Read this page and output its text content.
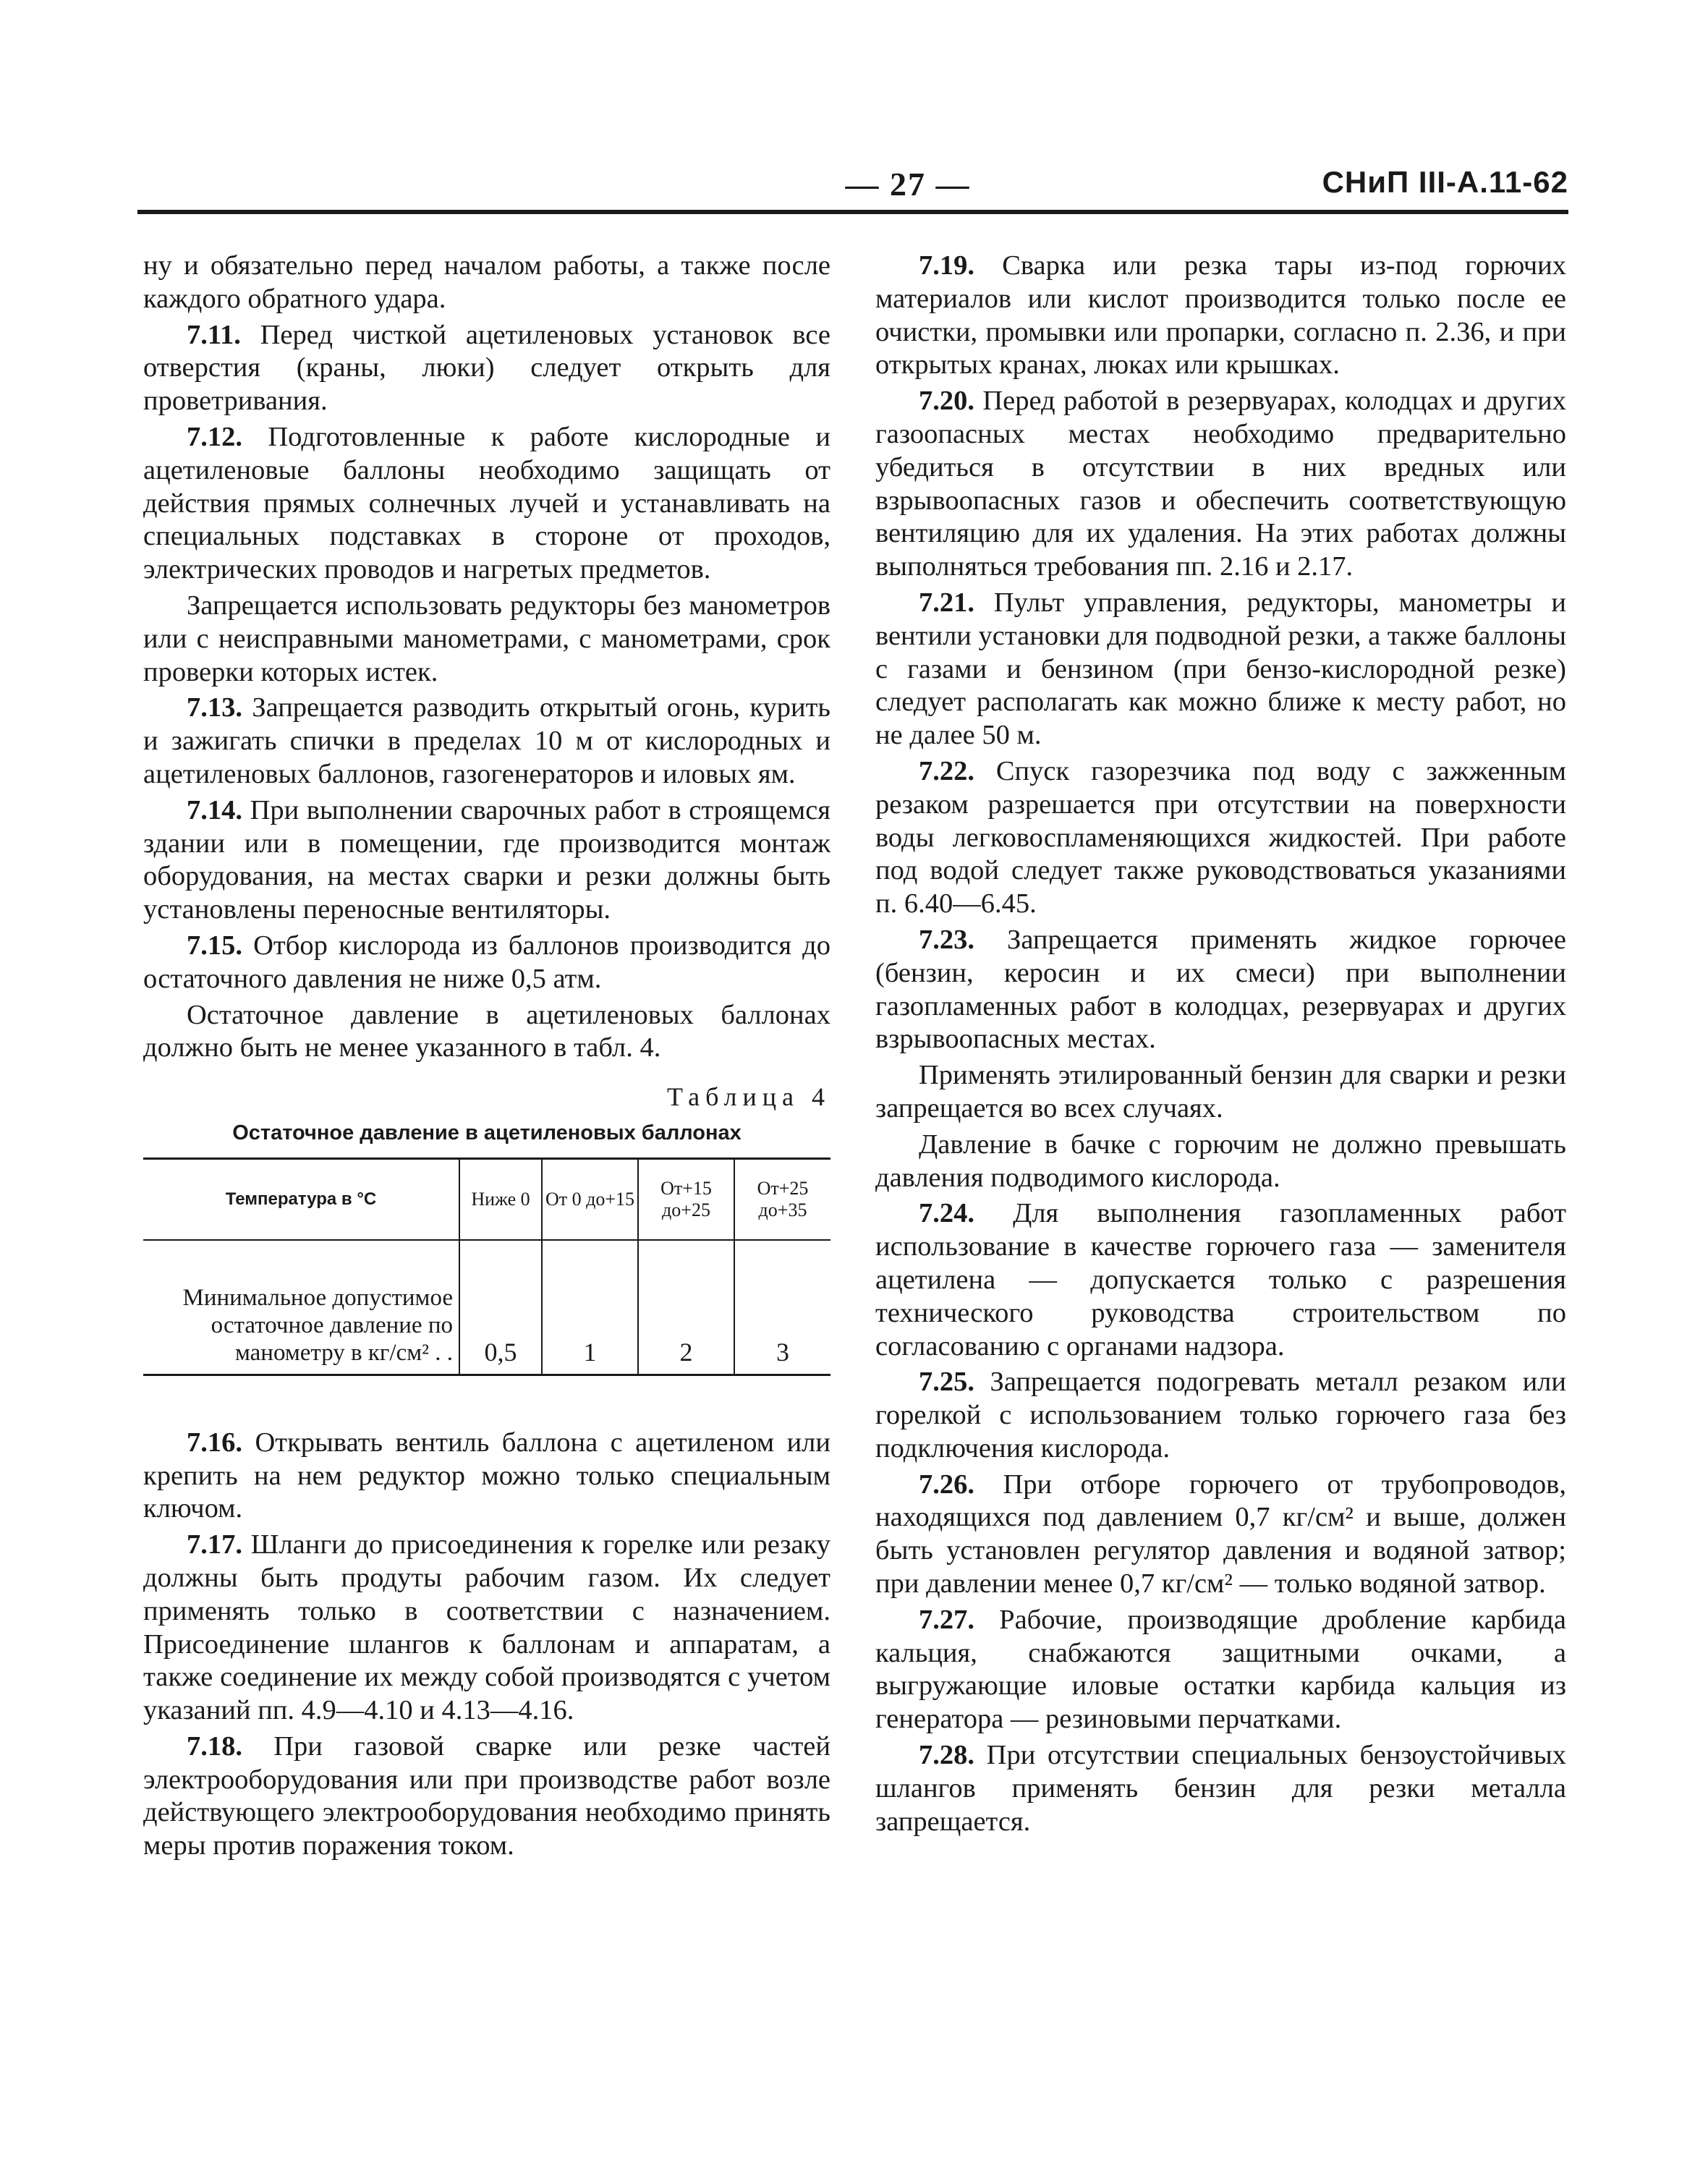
— 27 —	СНиП III-А.11-62

ну и обязательно перед началом работы, а также после каждого обратного удара.

7.11. Перед чисткой ацетиленовых установок все отверстия (краны, люки) следует открыть для проветривания.

7.12. Подготовленные к работе кислородные и ацетиленовые баллоны необходимо защищать от действия прямых солнечных лучей и устанавливать на специальных подставках в стороне от проходов, электрических проводов и нагретых предметов.

Запрещается использовать редукторы без манометров или с неисправными манометрами, с манометрами, срок проверки которых истек.

7.13. Запрещается разводить открытый огонь, курить и зажигать спички в пределах 10 м от кислородных и ацетиленовых баллонов, газогенераторов и иловых ям.

7.14. При выполнении сварочных работ в строящемся здании или в помещении, где производится монтаж оборудования, на местах сварки и резки должны быть установлены переносные вентиляторы.

7.15. Отбор кислорода из баллонов производится до остаточного давления не ниже 0,5 атм.

Остаточное давление в ацетиленовых баллонах должно быть не менее указанного в табл. 4.

Таблица 4
Остаточное давление в ацетиленовых баллонах
Температура в °C	Ниже 0	От 0 до+15	От+15 до+25	От+25 до+35
Минимальное допустимое остаточное давление по манометру в кг/см² . .	0,5	1	2	3

7.16. Открывать вентиль баллона с ацетиленом или крепить на нем редуктор можно только специальным ключом.

7.17. Шланги до присоединения к горелке или резаку должны быть продуты рабочим газом. Их следует применять только в соответствии с назначением. Присоединение шлангов к баллонам и аппаратам, а также соединение их между собой производятся с учетом указаний пп. 4.9—4.10 и 4.13—4.16.

7.18. При газовой сварке или резке частей электрооборудования или при производстве работ возле действующего электрооборудования необходимо принять меры против поражения током.

7.19. Сварка или резка тары из-под горючих материалов или кислот производится только после ее очистки, промывки или пропарки, согласно п. 2.36, и при открытых кранах, люках или крышках.

7.20. Перед работой в резервуарах, колодцах и других газоопасных местах необходимо предварительно убедиться в отсутствии в них вредных или взрывоопасных газов и обеспечить соответствующую вентиляцию для их удаления. На этих работах должны выполняться требования пп. 2.16 и 2.17.

7.21. Пульт управления, редукторы, манометры и вентили установки для подводной резки, а также баллоны с газами и бензином (при бензо-кислородной резке) следует располагать как можно ближе к месту работ, но не далее 50 м.

7.22. Спуск газорезчика под воду с зажженным резаком разрешается при отсутствии на поверхности воды легковоспламеняющихся жидкостей. При работе под водой следует также руководствоваться указаниями п. 6.40—6.45.

7.23. Запрещается применять жидкое горючее (бензин, керосин и их смеси) при выполнении газопламенных работ в колодцах, резервуарах и других взрывоопасных местах.

Применять этилированный бензин для сварки и резки запрещается во всех случаях.

Давление в бачке с горючим не должно превышать давления подводимого кислорода.

7.24. Для выполнения газопламенных работ использование в качестве горючего газа — заменителя ацетилена — допускается только с разрешения технического руководства строительством по согласованию с органами надзора.

7.25. Запрещается подогревать металл резаком или горелкой с использованием только горючего газа без подключения кислорода.

7.26. При отборе горючего от трубопроводов, находящихся под давлением 0,7 кг/см² и выше, должен быть установлен регулятор давления и водяной затвор; при давлении менее 0,7 кг/см² — только водяной затвор.

7.27. Рабочие, производящие дробление карбида кальция, снабжаются защитными очками, а выгружающие иловые остатки карбида кальция из генератора — резиновыми перчатками.

7.28. При отсутствии специальных бензоустойчивых шлангов применять бензин для резки металла запрещается.
